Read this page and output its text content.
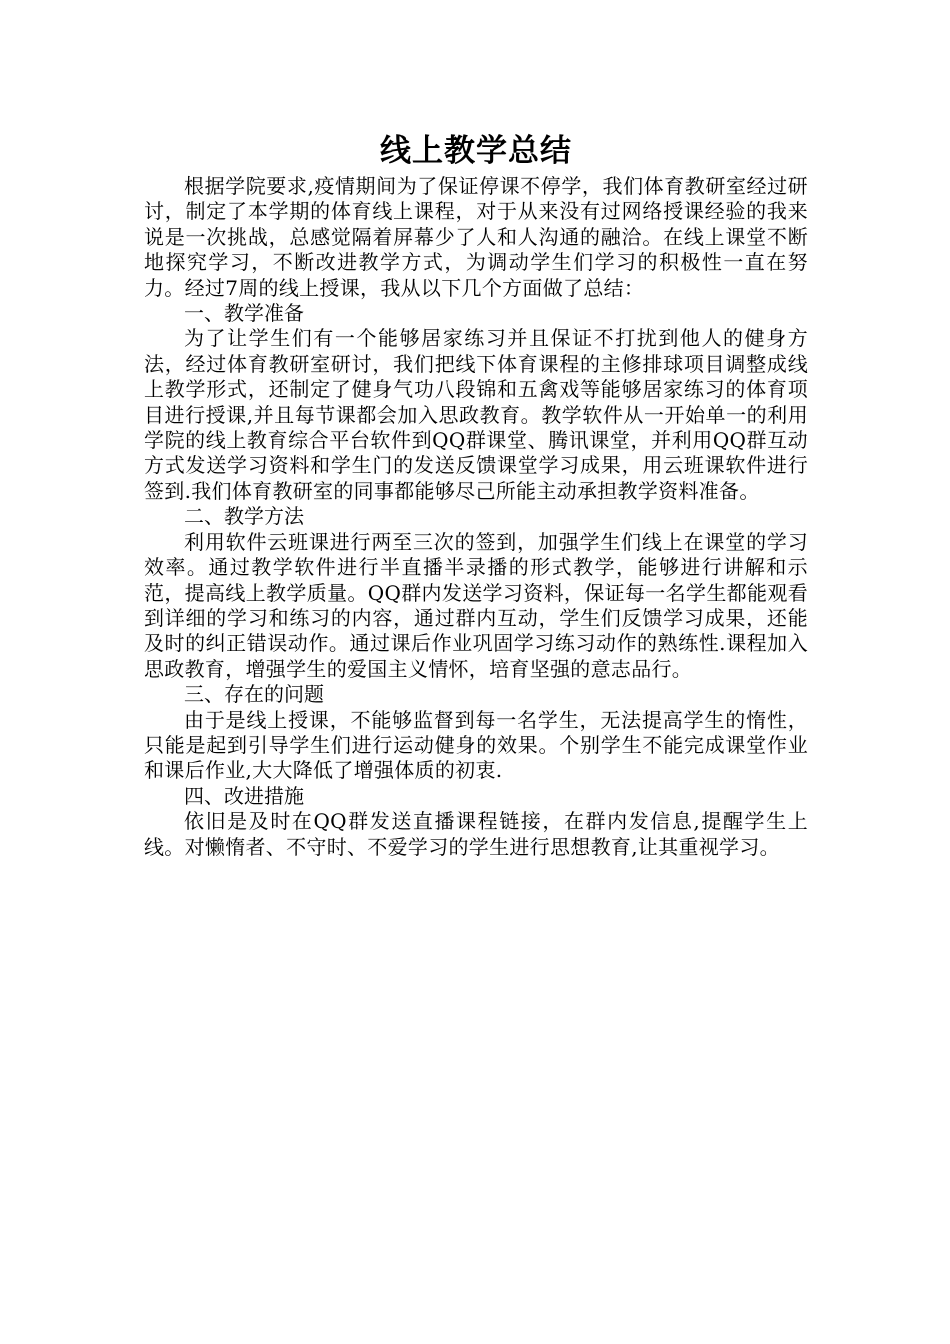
线上教学总结

根据学院要求,疫情期间为了保证停课不停学，我们体育教研室经过研讨，制定了本学期的体育线上课程，对于从来没有过网络授课经验的我来说是一次挑战，总感觉隔着屏幕少了人和人沟通的融洽。在线上课堂不断地探究学习，不断改进教学方式，为调动学生们学习的积极性一直在努力。经过7周的线上授课，我从以下几个方面做了总结：

一、教学准备

为了让学生们有一个能够居家练习并且保证不打扰到他人的健身方法，经过体育教研室研讨，我们把线下体育课程的主修排球项目调整成线上教学形式，还制定了健身气功八段锦和五禽戏等能够居家练习的体育项目进行授课,并且每节课都会加入思政教育。教学软件从一开始单一的利用学院的线上教育综合平台软件到QQ群课堂、腾讯课堂，并利用QQ群互动方式发送学习资料和学生门的发送反馈课堂学习成果，用云班课软件进行签到.我们体育教研室的同事都能够尽己所能主动承担教学资料准备。

二、教学方法

利用软件云班课进行两至三次的签到，加强学生们线上在课堂的学习效率。通过教学软件进行半直播半录播的形式教学，能够进行讲解和示范，提高线上教学质量。QQ群内发送学习资料，保证每一名学生都能观看到详细的学习和练习的内容，通过群内互动，学生们反馈学习成果，还能及时的纠正错误动作。通过课后作业巩固学习练习动作的熟练性.课程加入思政教育，增强学生的爱国主义情怀，培育坚强的意志品行。

三、存在的问题

由于是线上授课，不能够监督到每一名学生，无法提高学生的惰性，只能是起到引导学生们进行运动健身的效果。个别学生不能完成课堂作业和课后作业,大大降低了增强体质的初衷.

四、改进措施

依旧是及时在QQ群发送直播课程链接，在群内发信息,提醒学生上线。对懒惰者、不守时、不爱学习的学生进行思想教育,让其重视学习。
